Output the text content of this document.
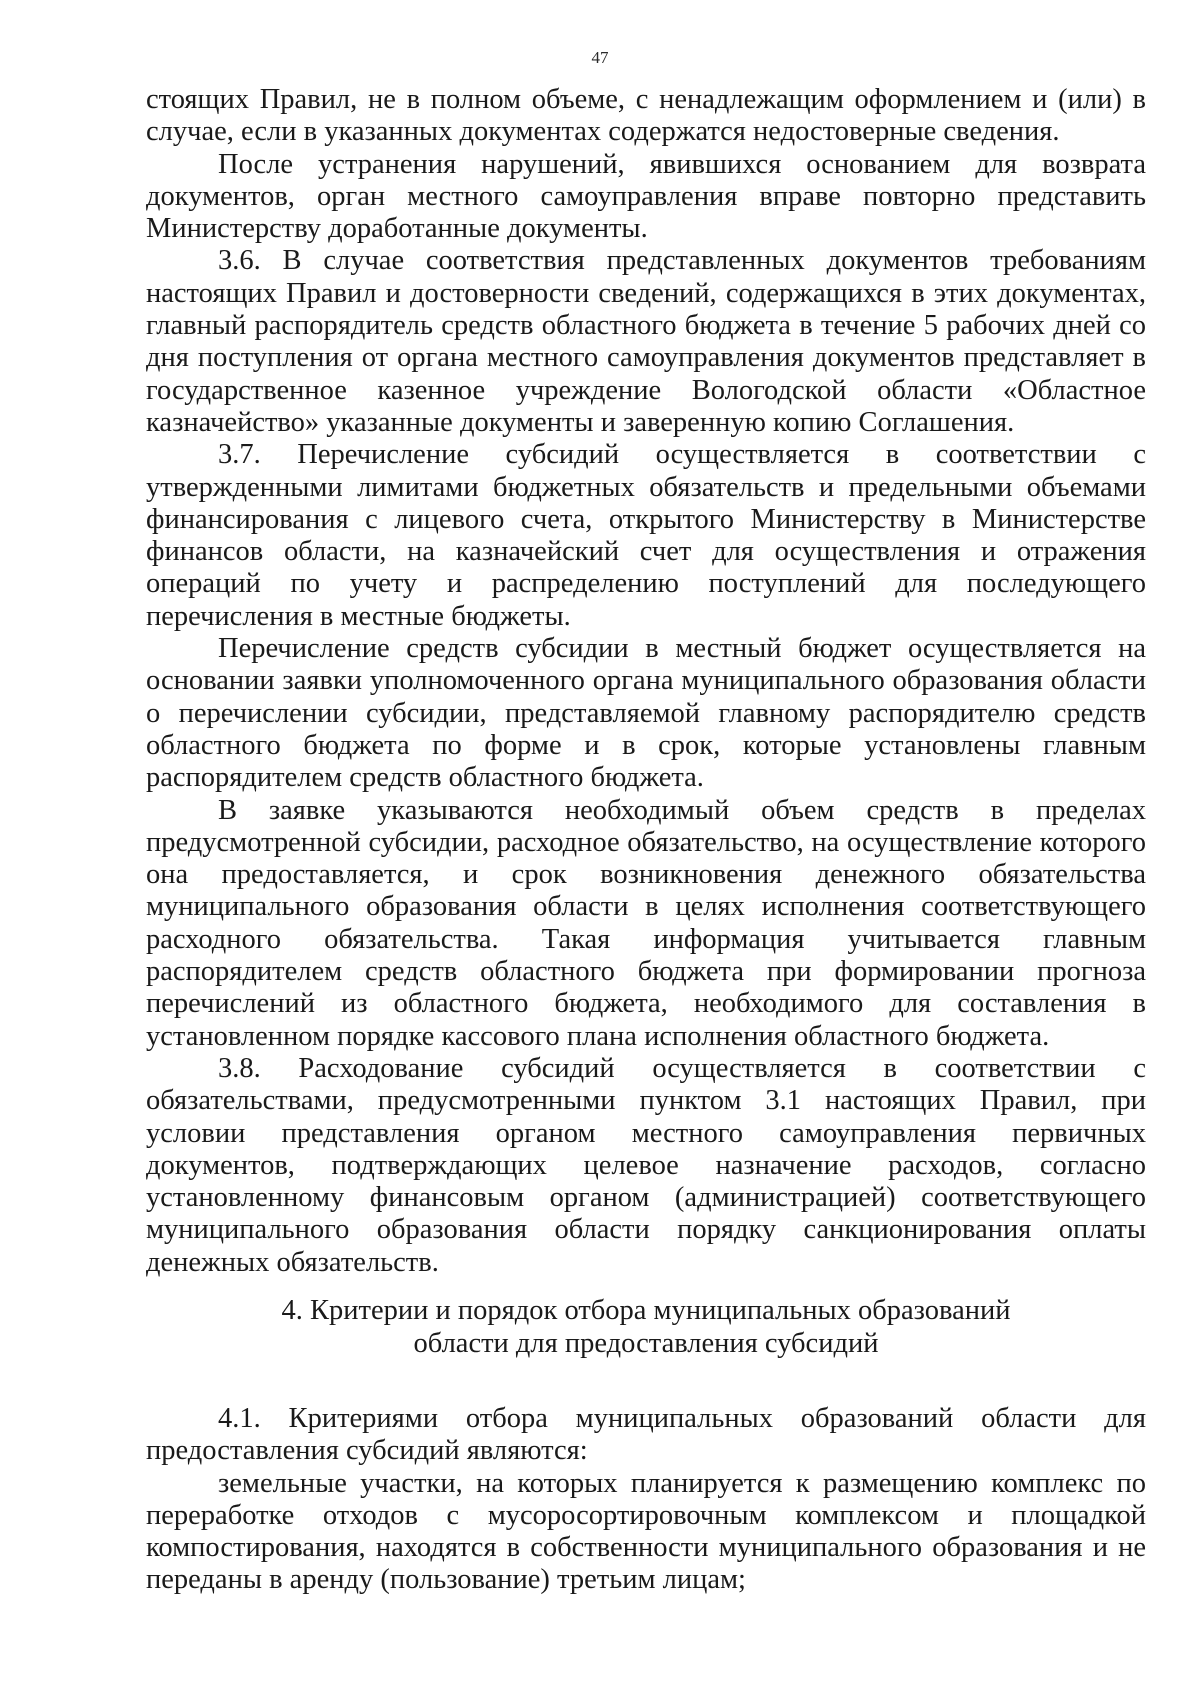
47

стоящих Правил, не в полном объеме, с ненадлежащим оформлением и (или) в случае, если в указанных документах содержатся недостоверные сведения.

После устранения нарушений, явившихся основанием для возврата документов, орган местного самоуправления вправе повторно представить Министерству доработанные документы.

3.6. В случае соответствия представленных документов требованиям настоящих Правил и достоверности сведений, содержащихся в этих документах, главный распорядитель средств областного бюджета в течение 5 рабочих дней со дня поступления от органа местного самоуправления документов представляет в государственное казенное учреждение Вологодской области «Областное казначейство» указанные документы и заверенную копию Соглашения.

3.7. Перечисление субсидий осуществляется в соответствии с утвержденными лимитами бюджетных обязательств и предельными объемами финансирования с лицевого счета, открытого Министерству в Министерстве финансов области, на казначейский счет для осуществления и отражения операций по учету и распределению поступлений для последующего перечисления в местные бюджеты.

Перечисление средств субсидии в местный бюджет осуществляется на основании заявки уполномоченного органа муниципального образования области о перечислении субсидии, представляемой главному распорядителю средств областного бюджета по форме и в срок, которые установлены главным распорядителем средств областного бюджета.

В заявке указываются необходимый объем средств в пределах предусмотренной субсидии, расходное обязательство, на осуществление которого она предоставляется, и срок возникновения денежного обязательства муниципального образования области в целях исполнения соответствующего расходного обязательства. Такая информация учитывается главным распорядителем средств областного бюджета при формировании прогноза перечислений из областного бюджета, необходимого для составления в установленном порядке кассового плана исполнения областного бюджета.

3.8. Расходование субсидий осуществляется в соответствии с обязательствами, предусмотренными пунктом 3.1 настоящих Правил, при условии представления органом местного самоуправления первичных документов, подтверждающих целевое назначение расходов, согласно установленному финансовым органом (администрацией) соответствующего муниципального образования области порядку санкционирования оплаты денежных обязательств.

4. Критерии и порядок отбора муниципальных образований
области для предоставления субсидий

4.1. Критериями отбора муниципальных образований области для предоставления субсидий являются:

земельные участки, на которых планируется к размещению комплекс по переработке отходов с мусоросортировочным комплексом и площадкой компостирования, находятся в собственности муниципального образования и не переданы в аренду (пользование) третьим лицам;
